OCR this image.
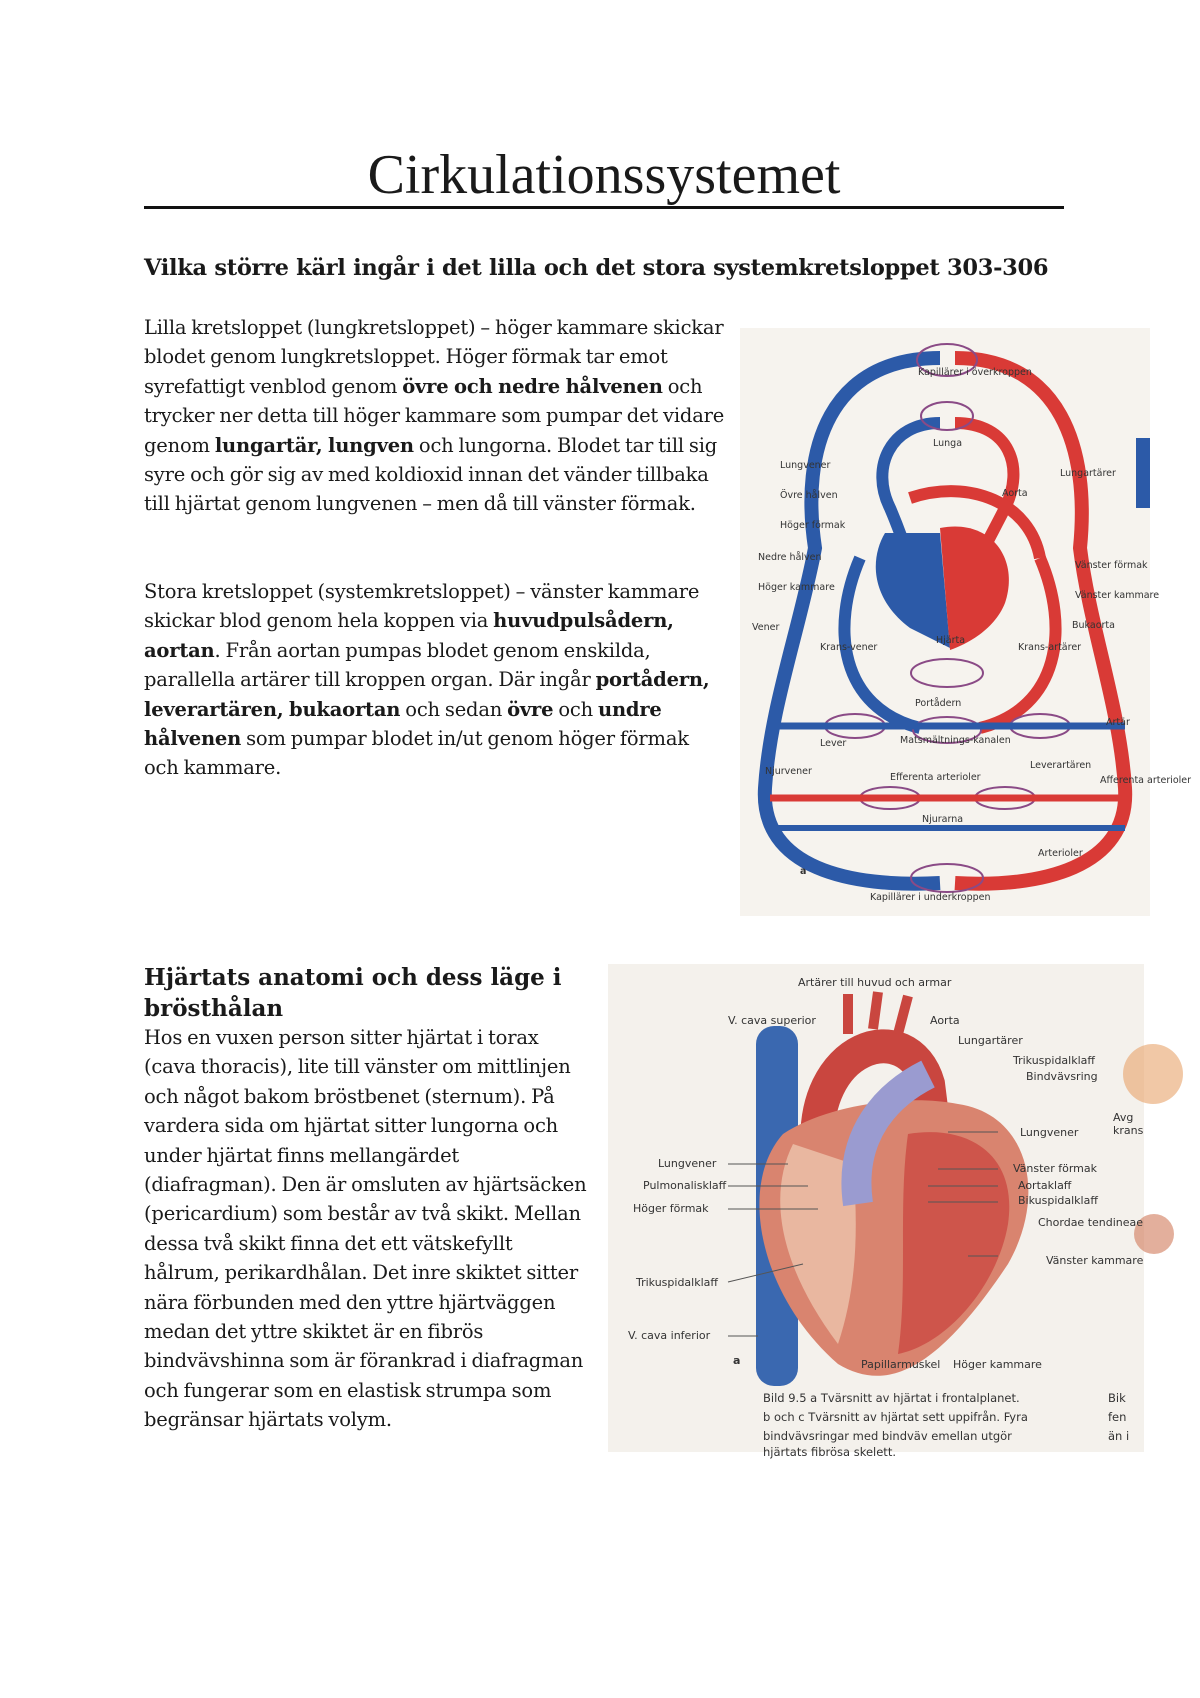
Cirkulationssystemet
Vilka större kärl ingår i det lilla och det stora systemkretsloppet 303-306
Lilla kretsloppet (lungkretsloppet) – höger kammare skickar blodet genom lungkretsloppet. Höger förmak tar emot syrefattigt venblod genom övre och nedre hålvenen och trycker ner detta till höger kammare som pumpar det vidare genom lungartär, lungven och lungorna. Blodet tar till sig syre och gör sig av med koldioxid innan det vänder tillbaka till hjärtat genom lungvenen – men då till vänster förmak.
Stora kretsloppet (systemkretsloppet) – vänster kammare skickar blod genom hela koppen via huvudpulsådern, aortan. Från aortan pumpas blodet genom enskilda, parallella artärer till kroppen organ. Där ingår portådern, leverartären, bukaortan och sedan övre och undre hålvenen som pumpar blodet in/ut genom höger förmak och kammare.
Kapillärer i överkroppen
Lunga
Lungvener
Övre hålven
Höger förmak
Nedre hålven
Höger kammare
Vener
Krans-vener
Hjärta
Lungartärer
Aorta
Vänster förmak
Vänster kammare
Bukaorta
Krans-artärer
Portådern
Artär
Lever	Matsmältnings-kanalen
Leverartären
Njurvener
Efferenta arterioler	Afferenta arterioler
Njurarna
Arterioler
a
Kapillärer i underkroppen
Hjärtats anatomi och dess läge i brösthålan
Hos en vuxen person sitter hjärtat i torax (cava thoracis), lite till vänster om mittlinjen och något bakom bröstbenet (sternum). På vardera sida om hjärtat sitter lungorna och under hjärtat finns mellangärdet (diafragman). Den är omsluten av hjärtsäcken (pericardium) som består av två skikt. Mellan dessa två skikt finna det ett vätskefyllt hålrum, perikardhålan. Det inre skiktet sitter nära förbunden med den yttre hjärtväggen medan det yttre skiktet är en fibrös bindvävshinna som är förankrad i diafragman och fungerar som en elastisk strumpa som begränsar hjärtats volym.
Artärer till huvud och armar
V. cava superior	Aorta
Lungartärer
Trikuspidalklaff
Bindvävsring
Lungvener
Avg
krans
Lungvener	Vänster förmak
Aortaklaff
Bikuspidalklaff
Pulmonalisklaff
Höger förmak
Chordae tendineae
Vänster kammare
Trikuspidalklaff
V. cava inferior
a	Papillarmuskel Höger kammare
Bild 9.5 a Tvärsnitt av hjärtat i frontalplanet.
b och c Tvärsnitt av hjärtat sett uppifrån. Fyra
bindvävsringar med bindväv emellan utgör
hjärtats fibrösa skelett.
Bik
fen
än i
